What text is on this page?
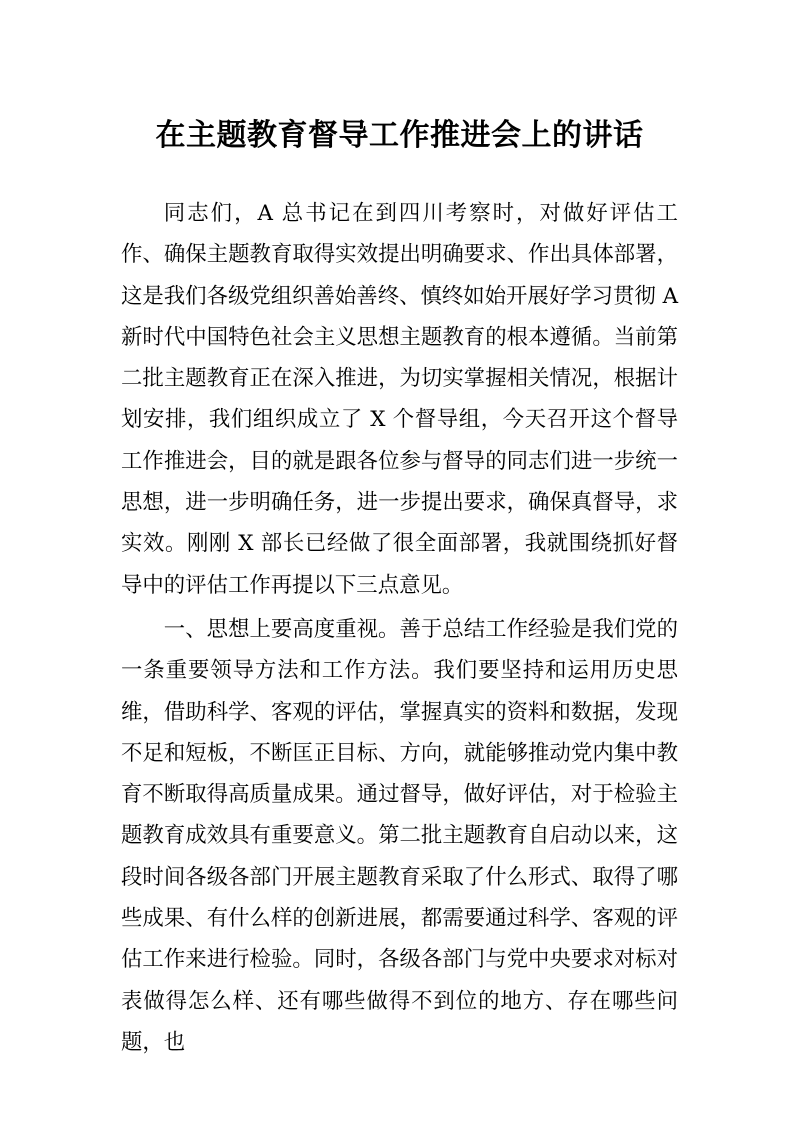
在主题教育督导工作推进会上的讲话

同志们，A 总书记在到四川考察时，对做好评估工作、确保主题教育取得实效提出明确要求、作出具体部署，这是我们各级党组织善始善终、慎终如始开展好学习贯彻 A 新时代中国特色社会主义思想主题教育的根本遵循。当前第二批主题教育正在深入推进，为切实掌握相关情况，根据计划安排，我们组织成立了 X 个督导组，今天召开这个督导工作推进会，目的就是跟各位参与督导的同志们进一步统一思想，进一步明确任务，进一步提出要求，确保真督导，求实效。刚刚 X 部长已经做了很全面部署，我就围绕抓好督导中的评估工作再提以下三点意见。

一、思想上要高度重视。善于总结工作经验是我们党的一条重要领导方法和工作方法。我们要坚持和运用历史思维，借助科学、客观的评估，掌握真实的资料和数据，发现不足和短板，不断匡正目标、方向，就能够推动党内集中教育不断取得高质量成果。通过督导，做好评估，对于检验主题教育成效具有重要意义。第二批主题教育自启动以来，这段时间各级各部门开展主题教育采取了什么形式、取得了哪些成果、有什么样的创新进展，都需要通过科学、客观的评估工作来进行检验。同时，各级各部门与党中央要求对标对表做得怎么样、还有哪些做得不到位的地方、存在哪些问题，也
